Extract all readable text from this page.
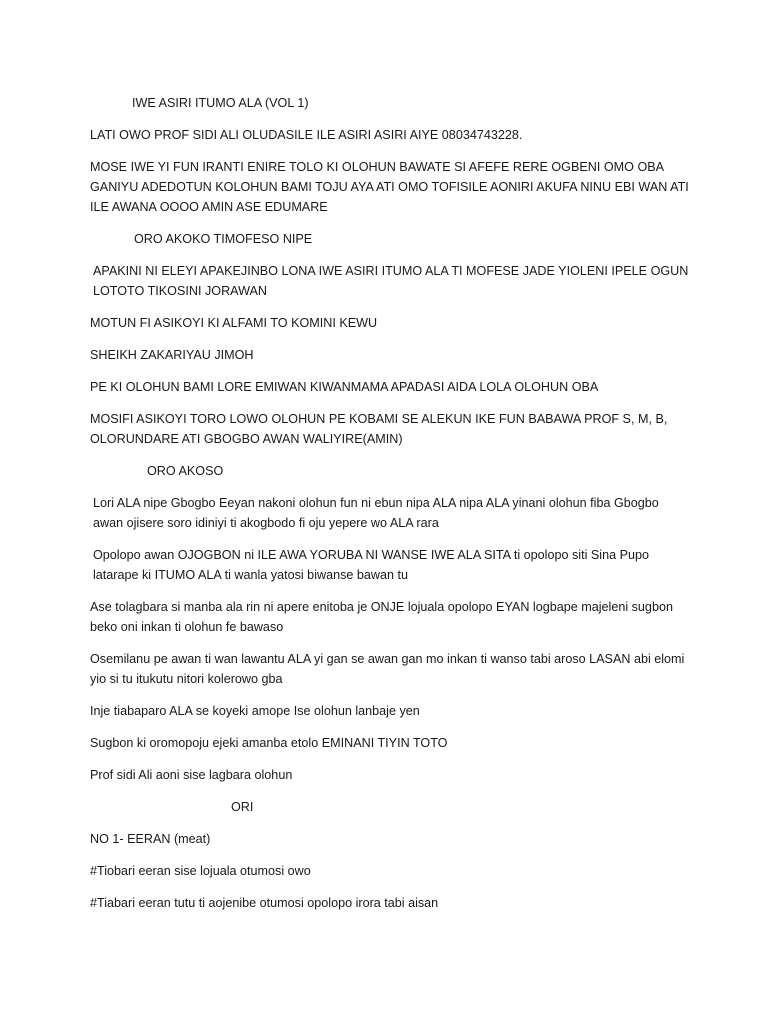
IWE ASIRI ITUMO ALA (VOL 1)

LATI OWO PROF SIDI ALI OLUDASILE ILE ASIRI ASIRI AIYE 08034743228.

MOSE IWE YI FUN IRANTI ENIRE TOLO KI OLOHUN BAWATE SI AFEFE RERE OGBENI OMO OBA GANIYU ADEDOTUN KOLOHUN BAMI TOJU AYA ATI OMO TOFISILE AONIRI AKUFA NINU EBI WAN ATI ILE AWANA OOOO AMIN ASE EDUMARE

ORO AKOKO TIMOFESO NIPE

APAKINI NI ELEYI APAKEJINBO LONA IWE ASIRI ITUMO ALA TI MOFESE JADE YIOLENI IPELE OGUN LOTOTO TIKOSINI JORAWAN

MOTUN FI ASIKOYI KI ALFAMI TO KOMINI KEWU

SHEIKH ZAKARIYAU JIMOH

PE KI OLOHUN BAMI LORE EMIWAN KIWANMAMA APADASI AIDA LOLA OLOHUN OBA

MOSIFI ASIKOYI TORO LOWO OLOHUN PE KOBAMI SE ALEKUN IKE FUN BABAWA PROF S, M, B, OLORUNDARE ATI GBOGBO AWAN WALIYIRE(AMIN)

ORO AKOSO

Lori ALA nipe Gbogbo Eeyan nakoni olohun fun ni ebun nipa ALA nipa ALA yinani olohun fiba Gbogbo awan ojisere soro idiniyi ti akogbodo fi oju yepere wo ALA rara

Opolopo awan OJOGBON ni ILE AWA YORUBA NI WANSE IWE ALA SITA ti opolopo siti Sina Pupo latarape ki ITUMO ALA ti wanla yatosi biwanse bawan tu

Ase tolagbara si manba ala rin ni apere enitoba je ONJE lojuala opolopo EYAN logbape majeleni sugbon beko oni inkan ti olohun fe bawaso

Osemilanu pe awan ti wan lawantu ALA yi gan se awan gan mo inkan ti wanso tabi aroso LASAN abi elomi yio si tu itukutu nitori kolerowo gba

Inje tiabaparo ALA se koyeki amope Ise olohun lanbaje yen

Sugbon ki oromopoju ejeki amanba etolo EMINANI TIYIN TOTO

Prof sidi Ali aoni sise lagbara olohun

ORI

NO 1- EERAN (meat)

#Tiobari eeran sise lojuala otumosi owo

#Tiabari eeran tutu ti aojenibe otumosi opolopo irora tabi aisan
